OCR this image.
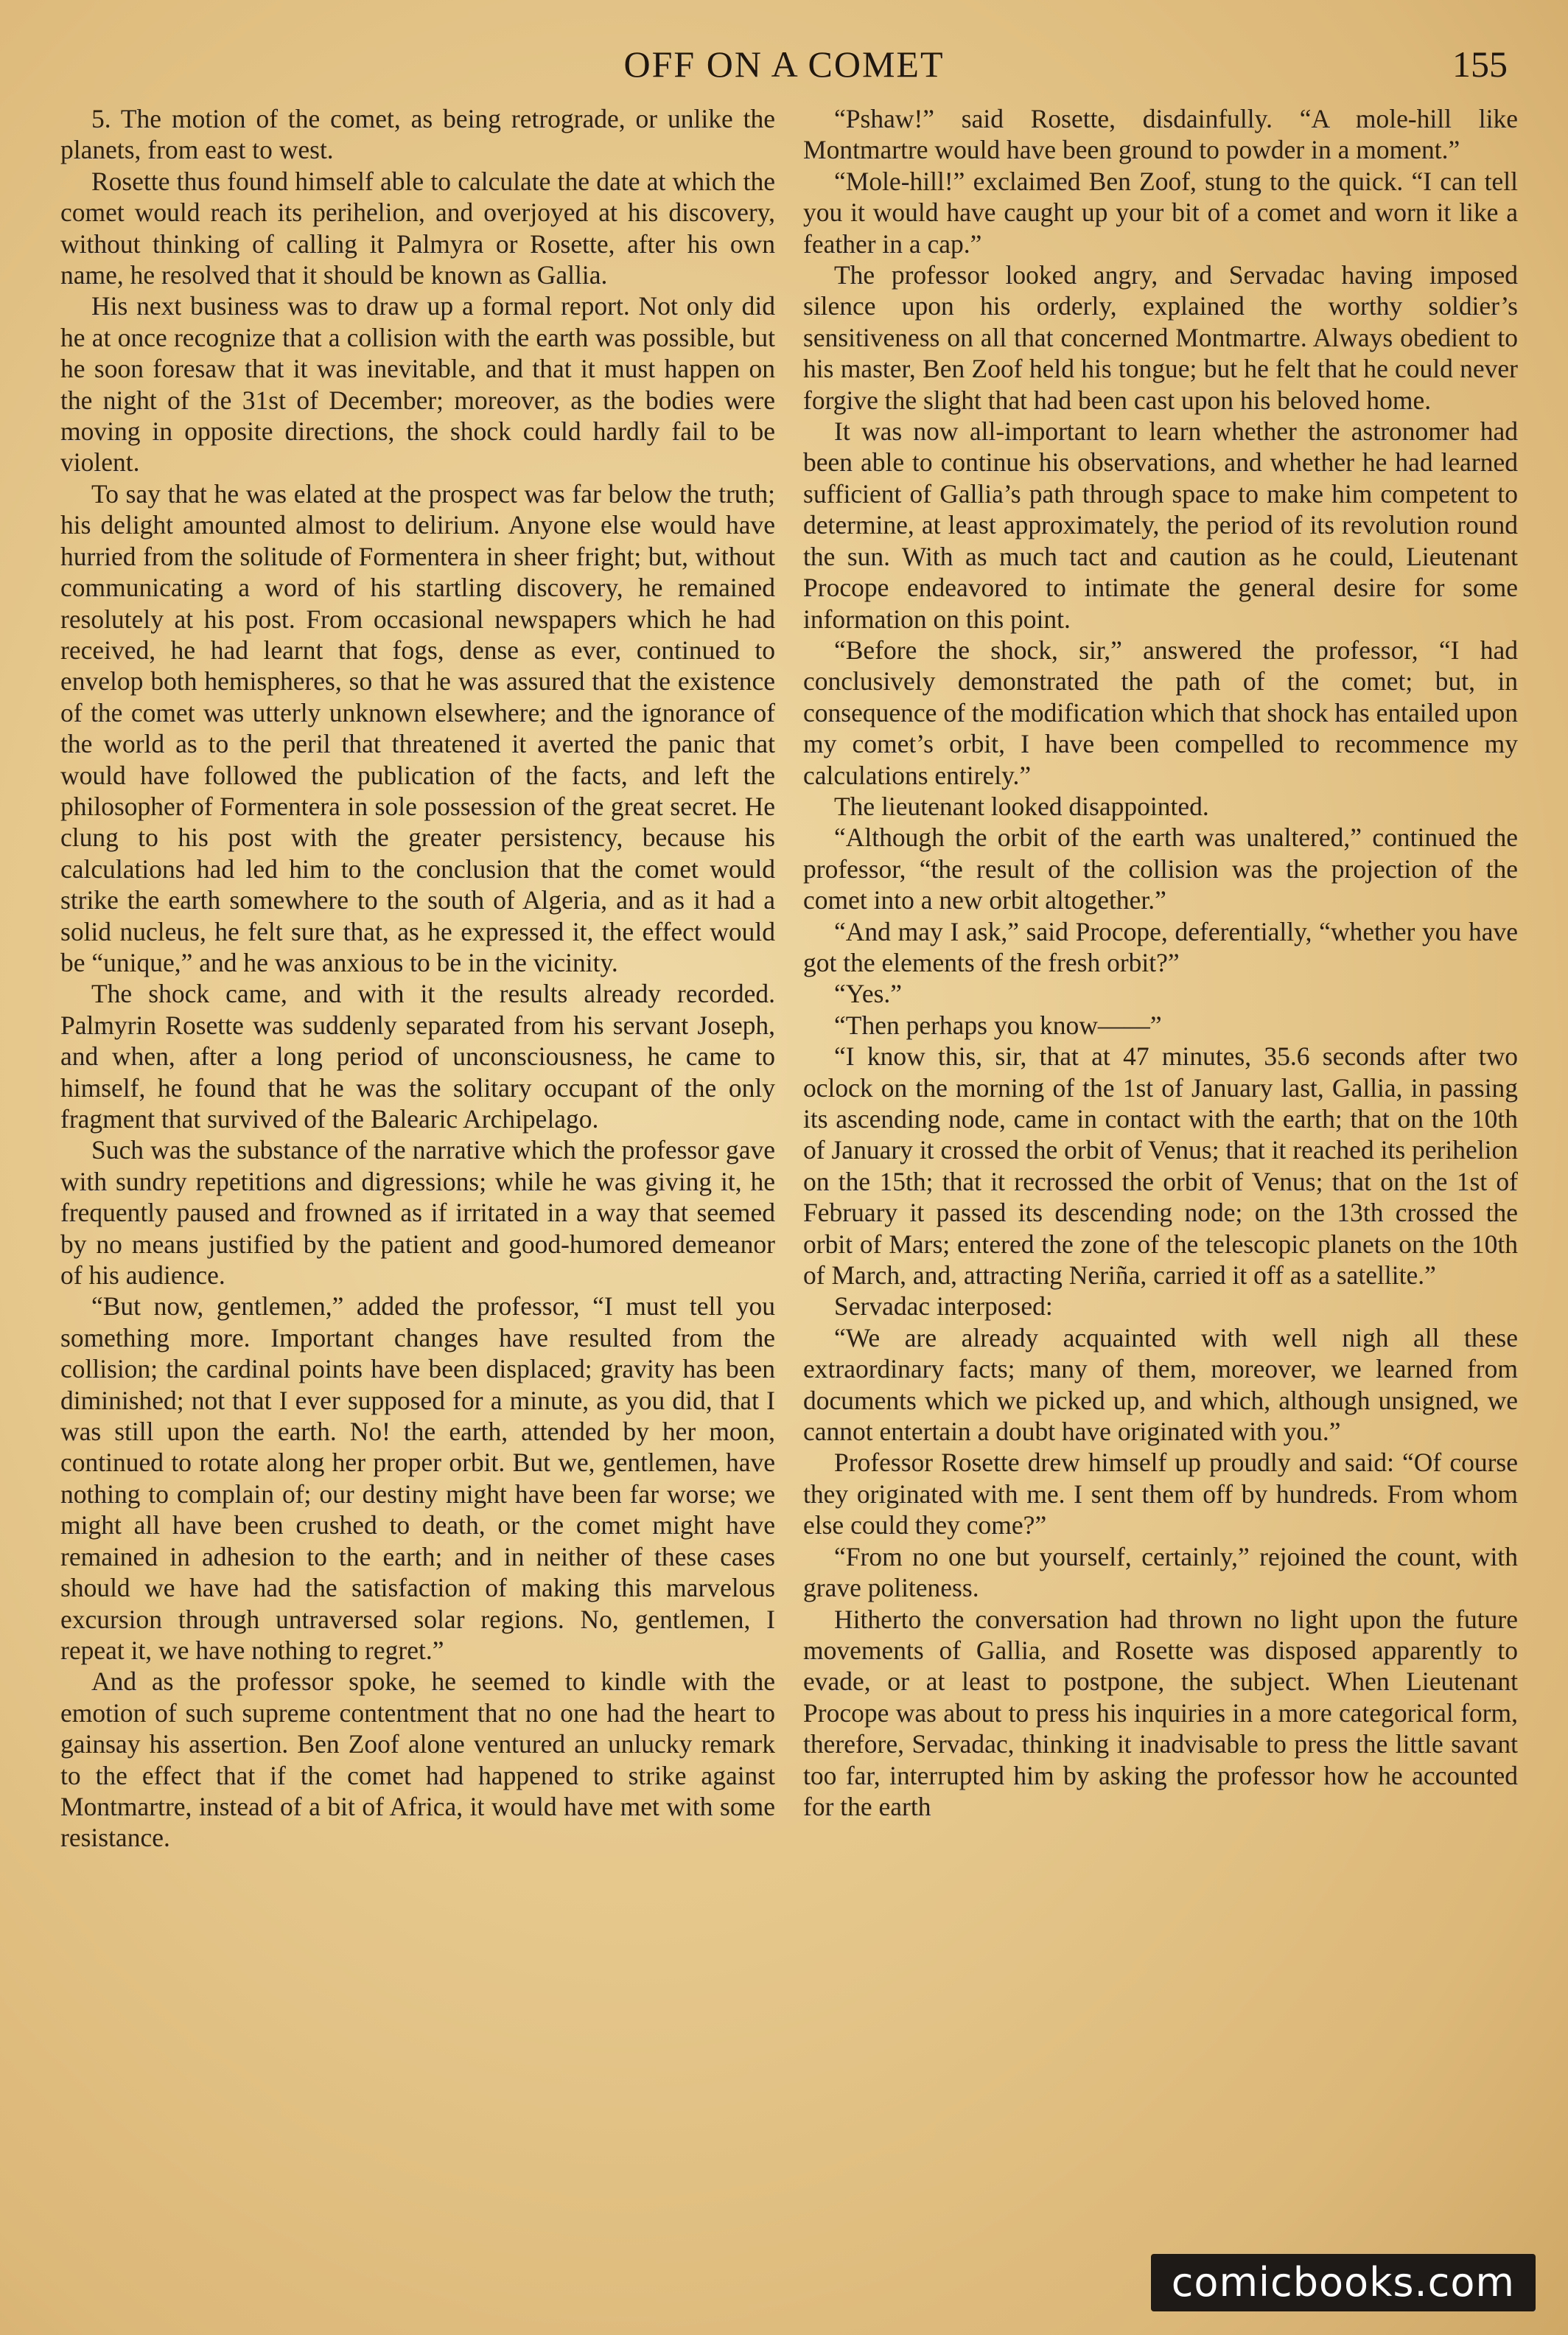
OFF ON A COMET	155

5. The motion of the comet, as being retrograde, or unlike the planets, from east to west.

Rosette thus found himself able to calculate the date at which the comet would reach its perihelion, and overjoyed at his discovery, without thinking of calling it Palmyra or Rosette, after his own name, he resolved that it should be known as Gallia.

His next business was to draw up a formal report. Not only did he at once recognize that a collision with the earth was possible, but he soon foresaw that it was inevitable, and that it must happen on the night of the 31st of December; moreover, as the bodies were moving in opposite directions, the shock could hardly fail to be violent.

To say that he was elated at the prospect was far below the truth; his delight amounted almost to delirium. Anyone else would have hurried from the solitude of Formentera in sheer fright; but, without communicating a word of his startling discovery, he remained resolutely at his post. From occasional newspapers which he had received, he had learnt that fogs, dense as ever, continued to envelop both hemispheres, so that he was assured that the existence of the comet was utterly unknown elsewhere; and the ignorance of the world as to the peril that threatened it averted the panic that would have followed the publication of the facts, and left the philosopher of Formentera in sole possession of the great secret. He clung to his post with the greater persistency, because his calculations had led him to the conclusion that the comet would strike the earth somewhere to the south of Algeria, and as it had a solid nucleus, he felt sure that, as he expressed it, the effect would be “unique,” and he was anxious to be in the vicinity.

The shock came, and with it the results already recorded. Palmyrin Rosette was suddenly separated from his servant Joseph, and when, after a long period of unconsciousness, he came to himself, he found that he was the solitary occupant of the only fragment that survived of the Balearic Archipelago.

Such was the substance of the narrative which the professor gave with sundry repetitions and digressions; while he was giving it, he frequently paused and frowned as if irritated in a way that seemed by no means justified by the patient and good-humored demeanor of his audience.

“But now, gentlemen,” added the professor, “I must tell you something more. Important changes have resulted from the collision; the cardinal points have been displaced; gravity has been diminished; not that I ever supposed for a minute, as you did, that I was still upon the earth. No! the earth, attended by her moon, continued to rotate along her proper orbit. But we, gentlemen, have nothing to complain of; our destiny might have been far worse; we might all have been crushed to death, or the comet might have remained in adhesion to the earth; and in neither of these cases should we have had the satisfaction of making this marvelous excursion through untraversed solar regions. No, gentlemen, I repeat it, we have nothing to regret.”

And as the professor spoke, he seemed to kindle with the emotion of such supreme contentment that no one had the heart to gainsay his assertion. Ben Zoof alone ventured an unlucky remark to the effect that if the comet had happened to strike against Montmartre, instead of a bit of Africa, it would have met with some resistance.

“Pshaw!” said Rosette, disdainfully. “A mole-hill like Montmartre would have been ground to powder in a moment.”

“Mole-hill!” exclaimed Ben Zoof, stung to the quick. “I can tell you it would have caught up your bit of a comet and worn it like a feather in a cap.”

The professor looked angry, and Servadac having imposed silence upon his orderly, explained the worthy soldier’s sensitiveness on all that concerned Montmartre. Always obedient to his master, Ben Zoof held his tongue; but he felt that he could never forgive the slight that had been cast upon his beloved home.

It was now all-important to learn whether the astronomer had been able to continue his observations, and whether he had learned sufficient of Gallia’s path through space to make him competent to determine, at least approximately, the period of its revolution round the sun. With as much tact and caution as he could, Lieutenant Procope endeavored to intimate the general desire for some information on this point.

“Before the shock, sir,” answered the professor, “I had conclusively demonstrated the path of the comet; but, in consequence of the modification which that shock has entailed upon my comet’s orbit, I have been compelled to recommence my calculations entirely.”

The lieutenant looked disappointed.

“Although the orbit of the earth was unaltered,” continued the professor, “the result of the collision was the projection of the comet into a new orbit altogether.”

“And may I ask,” said Procope, deferentially, “whether you have got the elements of the fresh orbit?”

“Yes.”

“Then perhaps you know——”

“I know this, sir, that at 47 minutes, 35.6 seconds after two oclock on the morning of the 1st of January last, Gallia, in passing its ascending node, came in contact with the earth; that on the 10th of January it crossed the orbit of Venus; that it reached its perihelion on the 15th; that it recrossed the orbit of Venus; that on the 1st of February it passed its descending node; on the 13th crossed the orbit of Mars; entered the zone of the telescopic planets on the 10th of March, and, attracting Neriña, carried it off as a satellite.”

Servadac interposed:

“We are already acquainted with well nigh all these extraordinary facts; many of them, moreover, we learned from documents which we picked up, and which, although unsigned, we cannot entertain a doubt have originated with you.”

Professor Rosette drew himself up proudly and said: “Of course they originated with me. I sent them off by hundreds. From whom else could they come?”

“From no one but yourself, certainly,” rejoined the count, with grave politeness.

Hitherto the conversation had thrown no light upon the future movements of Gallia, and Rosette was disposed apparently to evade, or at least to postpone, the subject. When Lieutenant Procope was about to press his inquiries in a more categorical form, therefore, Servadac, thinking it inadvisable to press the little savant too far, interrupted him by asking the professor how he accounted for the earth

comicbooks.com
